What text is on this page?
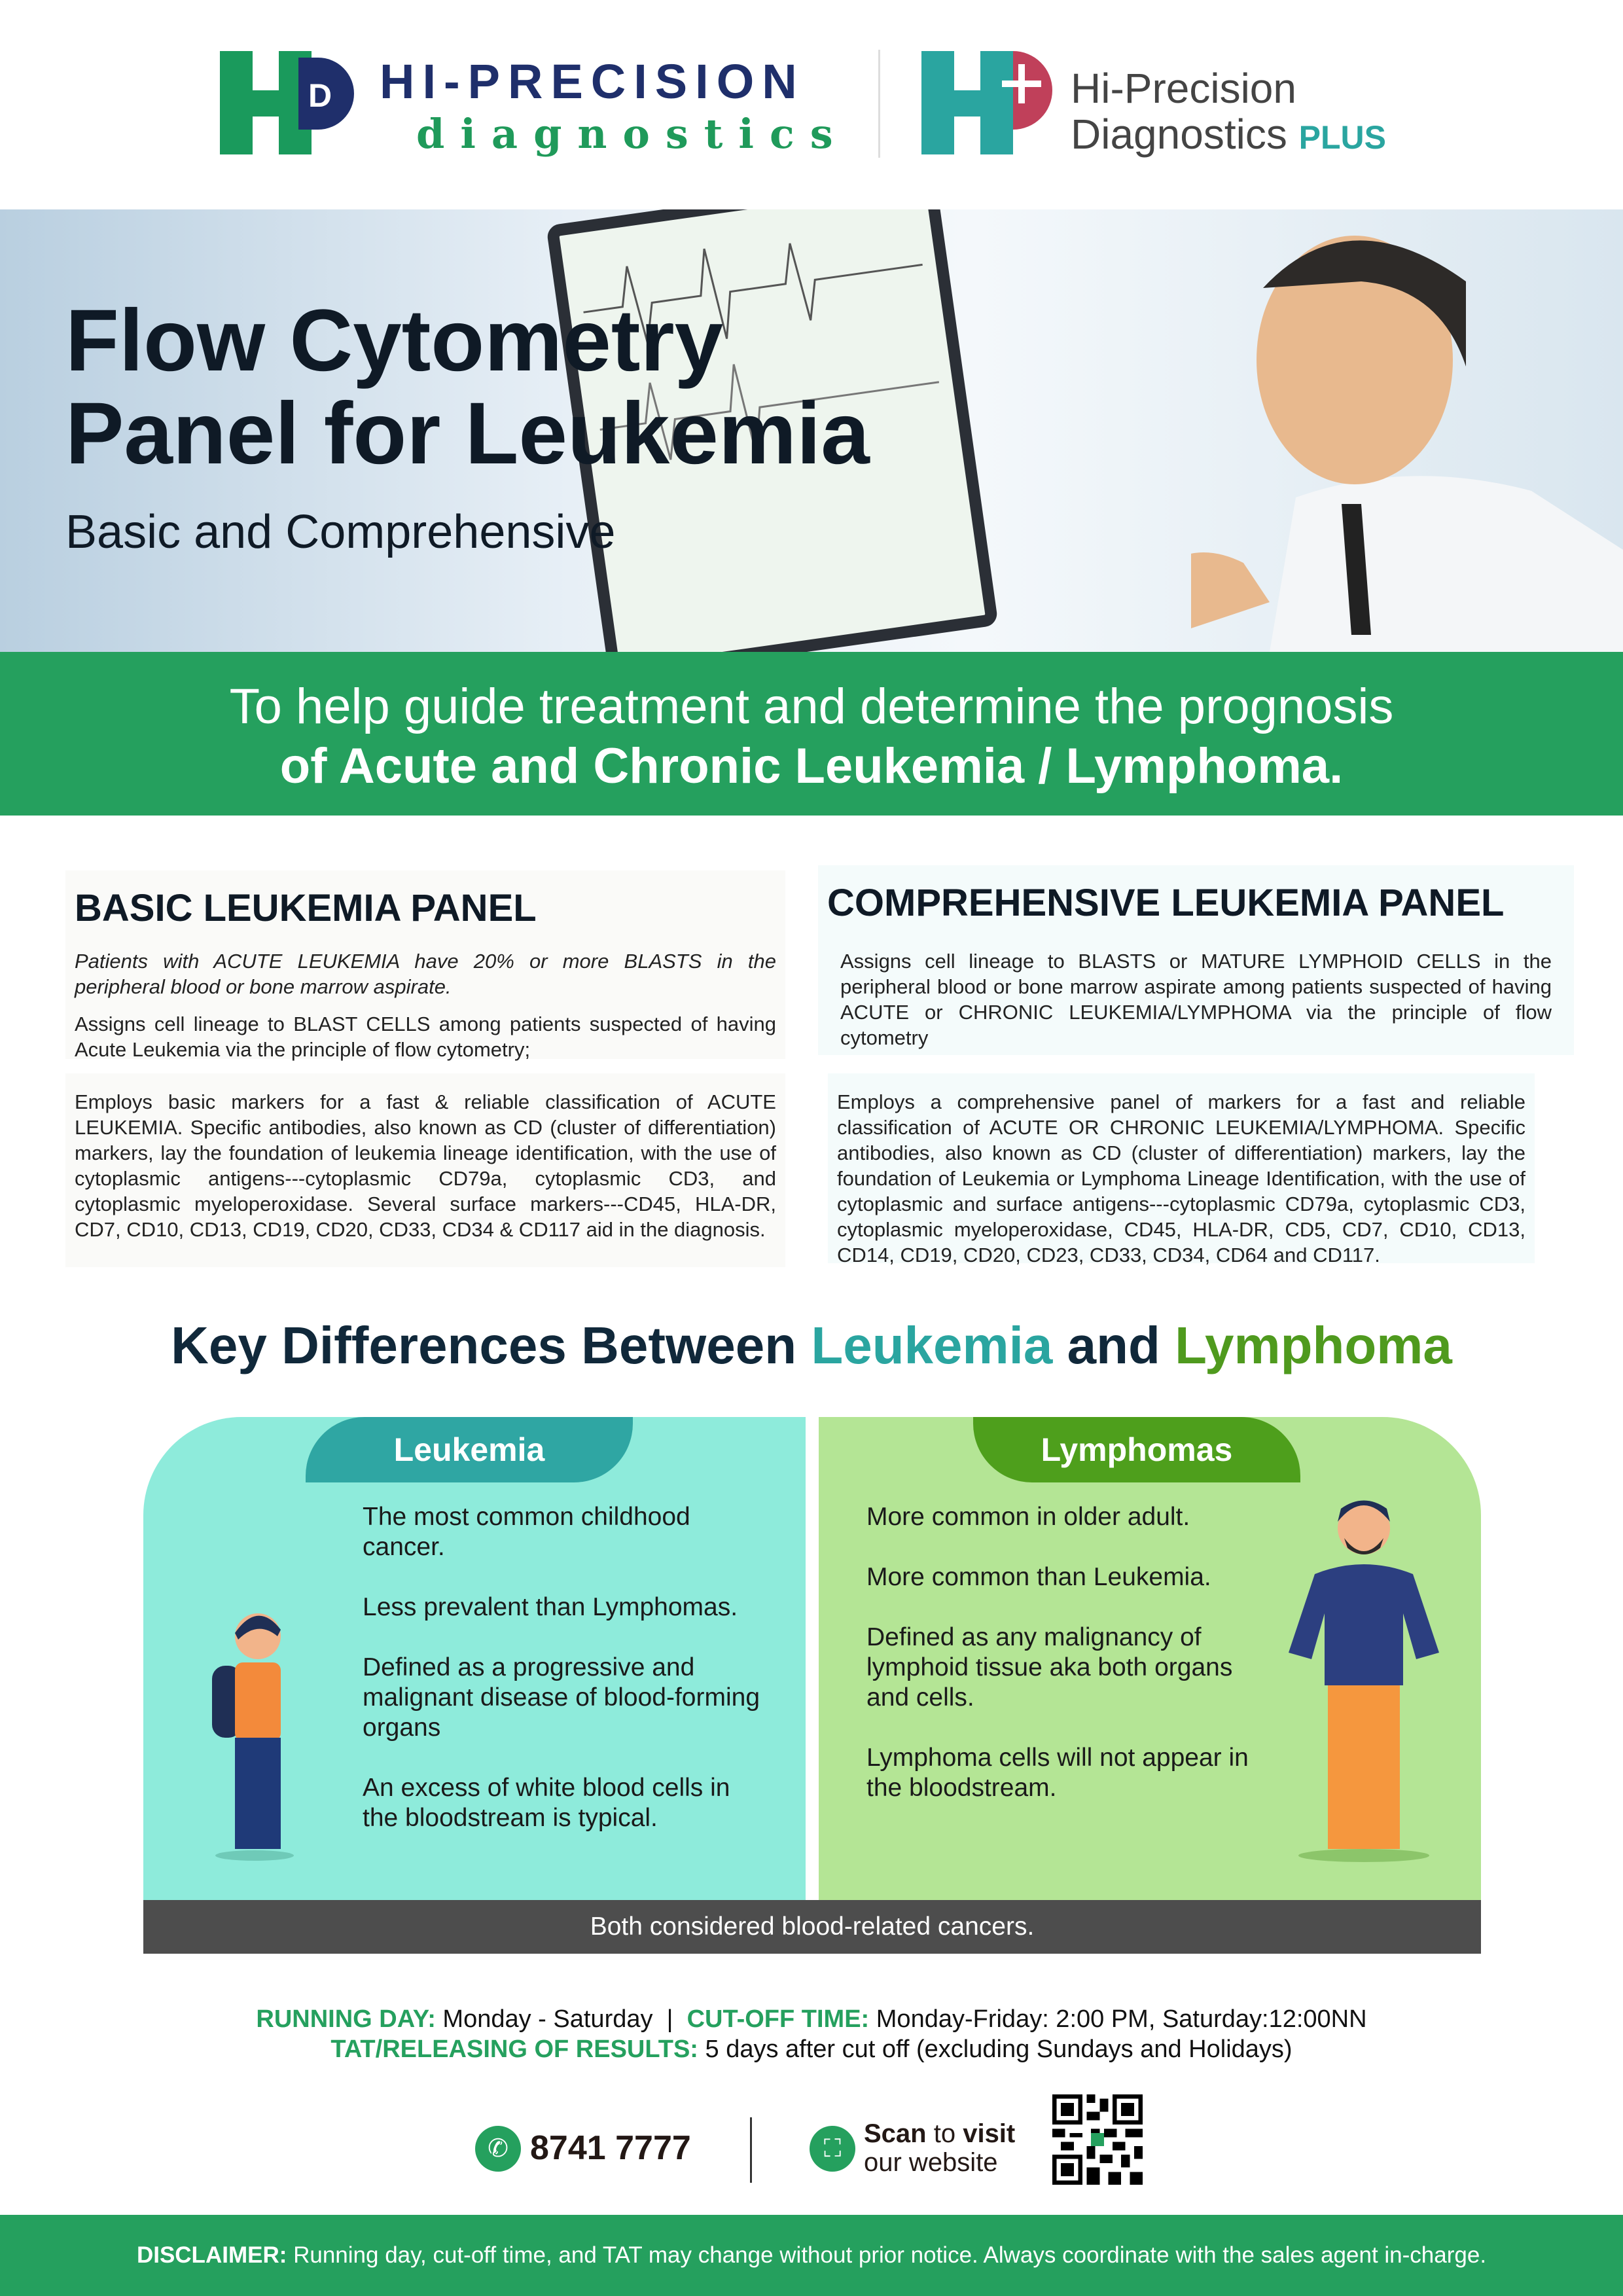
D HI-PRECISION
diagnostics
Hi-Precision
Diagnostics PLUS
Flow Cytometry
Panel for Leukemia
Basic and Comprehensive
To help guide treatment and determine the prognosis
of Acute and Chronic Leukemia / Lymphoma.
BASIC LEUKEMIA PANEL
Patients with ACUTE LEUKEMIA have 20% or more BLASTS in the peripheral blood or bone marrow aspirate.
Assigns cell lineage to BLAST CELLS among patients suspected of having Acute Leukemia via the principle of flow cytometry;
Employs basic markers for a fast & reliable classification of ACUTE LEUKEMIA. Specific antibodies, also known as CD (cluster of differentiation) markers, lay the foundation of leukemia lineage identification, with the use of cytoplasmic antigens---cytoplasmic CD79a, cytoplasmic CD3, and cytoplasmic myeloperoxidase. Several surface markers---CD45, HLA-DR, CD7, CD10, CD13, CD19, CD20, CD33, CD34 & CD117 aid in the diagnosis.
COMPREHENSIVE LEUKEMIA PANEL
Assigns cell lineage to BLASTS or MATURE LYMPHOID CELLS in the peripheral blood or bone marrow aspirate among patients suspected of having ACUTE or CHRONIC LEUKEMIA/LYMPHOMA via the principle of flow cytometry
Employs a comprehensive panel of markers for a fast and reliable classification of ACUTE OR CHRONIC LEUKEMIA/LYMPHOMA. Specific antibodies, also known as CD (cluster of differentiation) markers, lay the foundation of Leukemia or Lymphoma Lineage Identification, with the use of cytoplasmic and surface antigens---cytoplasmic CD79a, cytoplasmic CD3, cytoplasmic myeloperoxidase, CD45, HLA-DR, CD5, CD7, CD10, CD13, CD14, CD19, CD20, CD23, CD33, CD34, CD64 and CD117.
Key Differences Between Leukemia and Lymphoma
Leukemia	Lymphomas
The most common childhood cancer.
Less prevalent than Lymphomas.
Defined as a progressive and malignant disease of blood-forming organs
An excess of white blood cells in the bloodstream is typical.
More common in older adult.
More common than Leukemia.
Defined as any malignancy of lymphoid tissue aka both organs and cells.
Lymphoma cells will not appear in the bloodstream.
Both considered blood-related cancers.
RUNNING DAY: Monday - Saturday  |  CUT-OFF TIME: Monday-Friday: 2:00 PM, Saturday:12:00NN
TAT/RELEASING OF RESULTS: 5 days after cut off (excluding Sundays and Holidays)
✆ 8741 7777	⛶
Scan to visit
our website
DISCLAIMER: Running day, cut-off time, and TAT may change without prior notice. Always coordinate with the sales agent in-charge.
